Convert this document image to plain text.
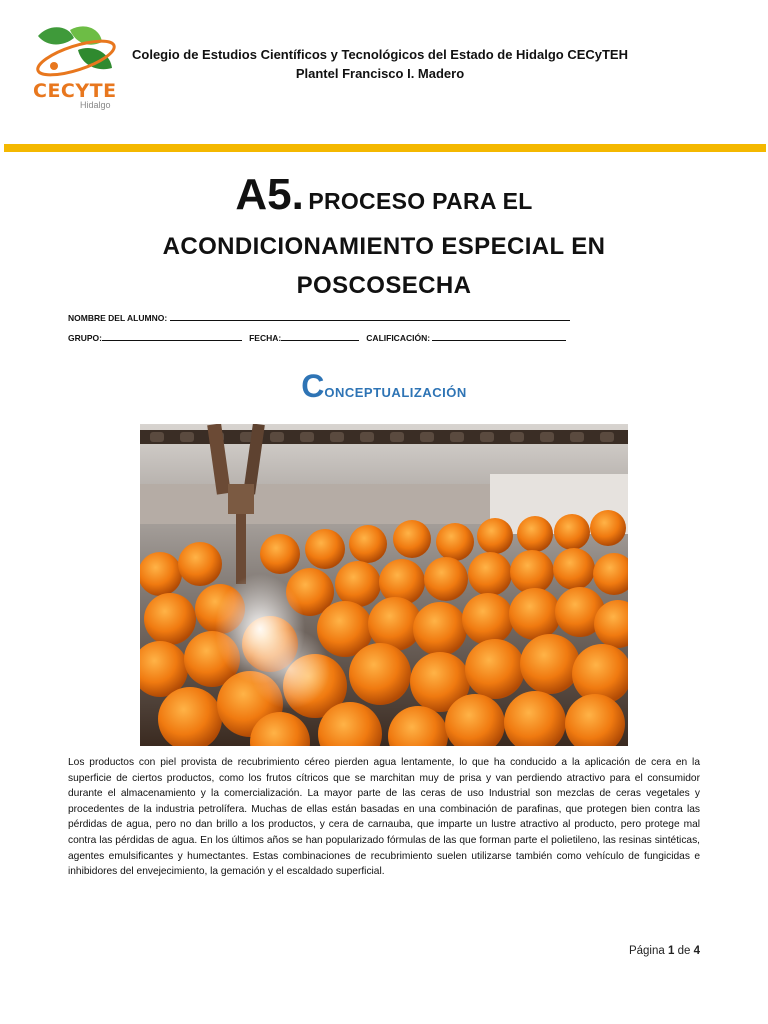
CECYTE
Hidalgo
Colegio de Estudios Científicos y Tecnológicos del Estado de Hidalgo CECyTEH
Plantel Francisco I. Madero
A5. PROCESO PARA EL
ACONDICIONAMIENTO ESPECIAL EN
POSCOSECHA
NOMBRE DEL ALUMNO:
GRUPO:	FECHA:	CALIFICACIÓN:
CONCEPTUALIZACIÓN
Los productos con piel provista de recubrimiento céreo pierden agua lentamente, lo que ha conducido a la aplicación de cera en la superficie de ciertos productos, como los frutos cítricos que se marchitan muy de prisa y van perdiendo atractivo para el consumidor durante el almacenamiento y la comercialización. La mayor parte de las ceras de uso Industrial son mezclas de ceras vegetales y procedentes de la industria petrolífera. Muchas de ellas están basadas en una combinación de parafinas, que protegen bien contra las pérdidas de agua, pero no dan brillo a los productos, y cera de carnauba, que imparte un lustre atractivo al producto, pero protege mal contra las pérdidas de agua. En los últimos años se han popularizado fórmulas de las que forman parte el polietileno, las resinas sintéticas, agentes emulsificantes y humectantes. Estas combinaciones de recubrimiento suelen utilizarse también como vehículo de fungicidas e inhibidores del envejecimiento, la gemación y el escaldado superficial.
Página 1 de 4
